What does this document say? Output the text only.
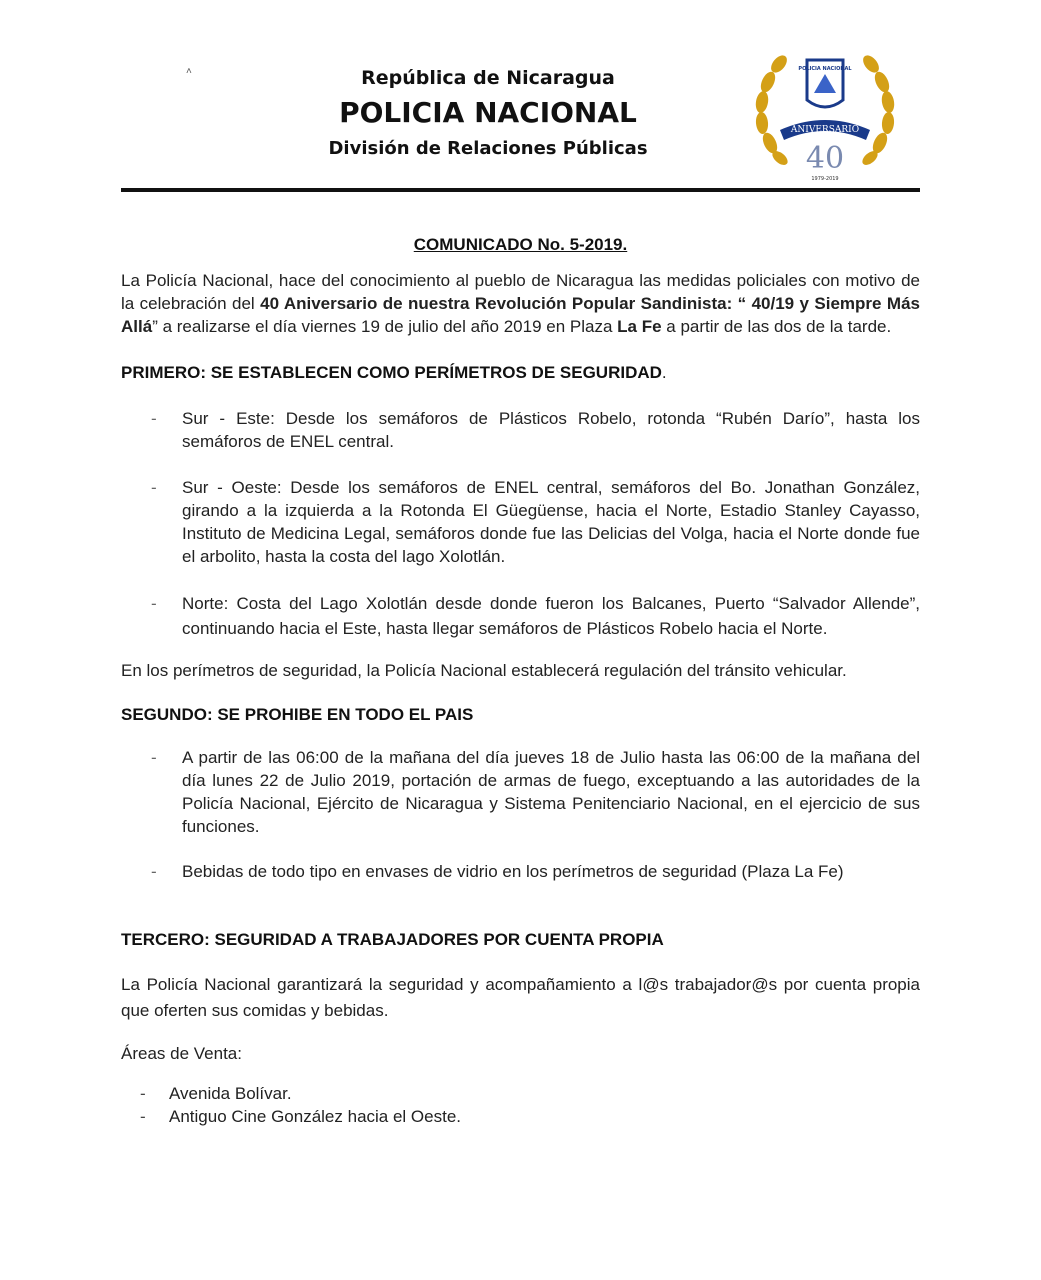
˄	República de Nicaragua
POLICIA NACIONAL
División de Relaciones Públicas
POLICIA NACIONAL
ANIVERSARIO
40
1979-2019
COMUNICADO No. 5-2019.

La Policía Nacional, hace del conocimiento al pueblo de Nicaragua las medidas policiales con motivo de la celebración del 40 Aniversario de nuestra Revolución Popular Sandinista: “ 40/19 y Siempre Más Allá” a realizarse el día viernes 19 de julio del año 2019 en Plaza La Fe a partir de las dos de la tarde.

PRIMERO: SE ESTABLECEN COMO PERÍMETROS DE SEGURIDAD.

- Sur - Este: Desde los semáforos de Plásticos Robelo, rotonda “Rubén Darío”, hasta los semáforos de ENEL central.
- Sur - Oeste: Desde los semáforos de ENEL central, semáforos del Bo. Jonathan González, girando a la izquierda a la Rotonda El Güegüense, hacia el Norte, Estadio Stanley Cayasso, Instituto de Medicina Legal, semáforos donde fue las Delicias del Volga, hacia el Norte donde fue el arbolito, hasta la costa del lago Xolotlán.
- Norte: Costa del Lago Xolotlán desde donde fueron los Balcanes, Puerto “Salvador Allende”, continuando hacia el Este, hasta llegar semáforos de Plásticos Robelo hacia el Norte.

En los perímetros de seguridad, la Policía Nacional establecerá regulación del tránsito vehicular.

SEGUNDO: SE PROHIBE EN TODO EL PAIS

- A partir de las 06:00 de la mañana del día jueves 18 de Julio hasta las 06:00 de la mañana del día lunes 22 de Julio 2019, portación de armas de fuego, exceptuando a las autoridades de la Policía Nacional, Ejército de Nicaragua y Sistema Penitenciario Nacional, en el ejercicio de sus funciones.
- Bebidas de todo tipo en envases de vidrio en los perímetros de seguridad (Plaza La Fe)

TERCERO: SEGURIDAD A TRABAJADORES POR CUENTA PROPIA

La Policía Nacional garantizará la seguridad y acompañamiento a l@s trabajador@s por cuenta propia que oferten sus comidas y bebidas.

Áreas de Venta:

- Avenida Bolívar.
- Antiguo Cine González hacia el Oeste.
